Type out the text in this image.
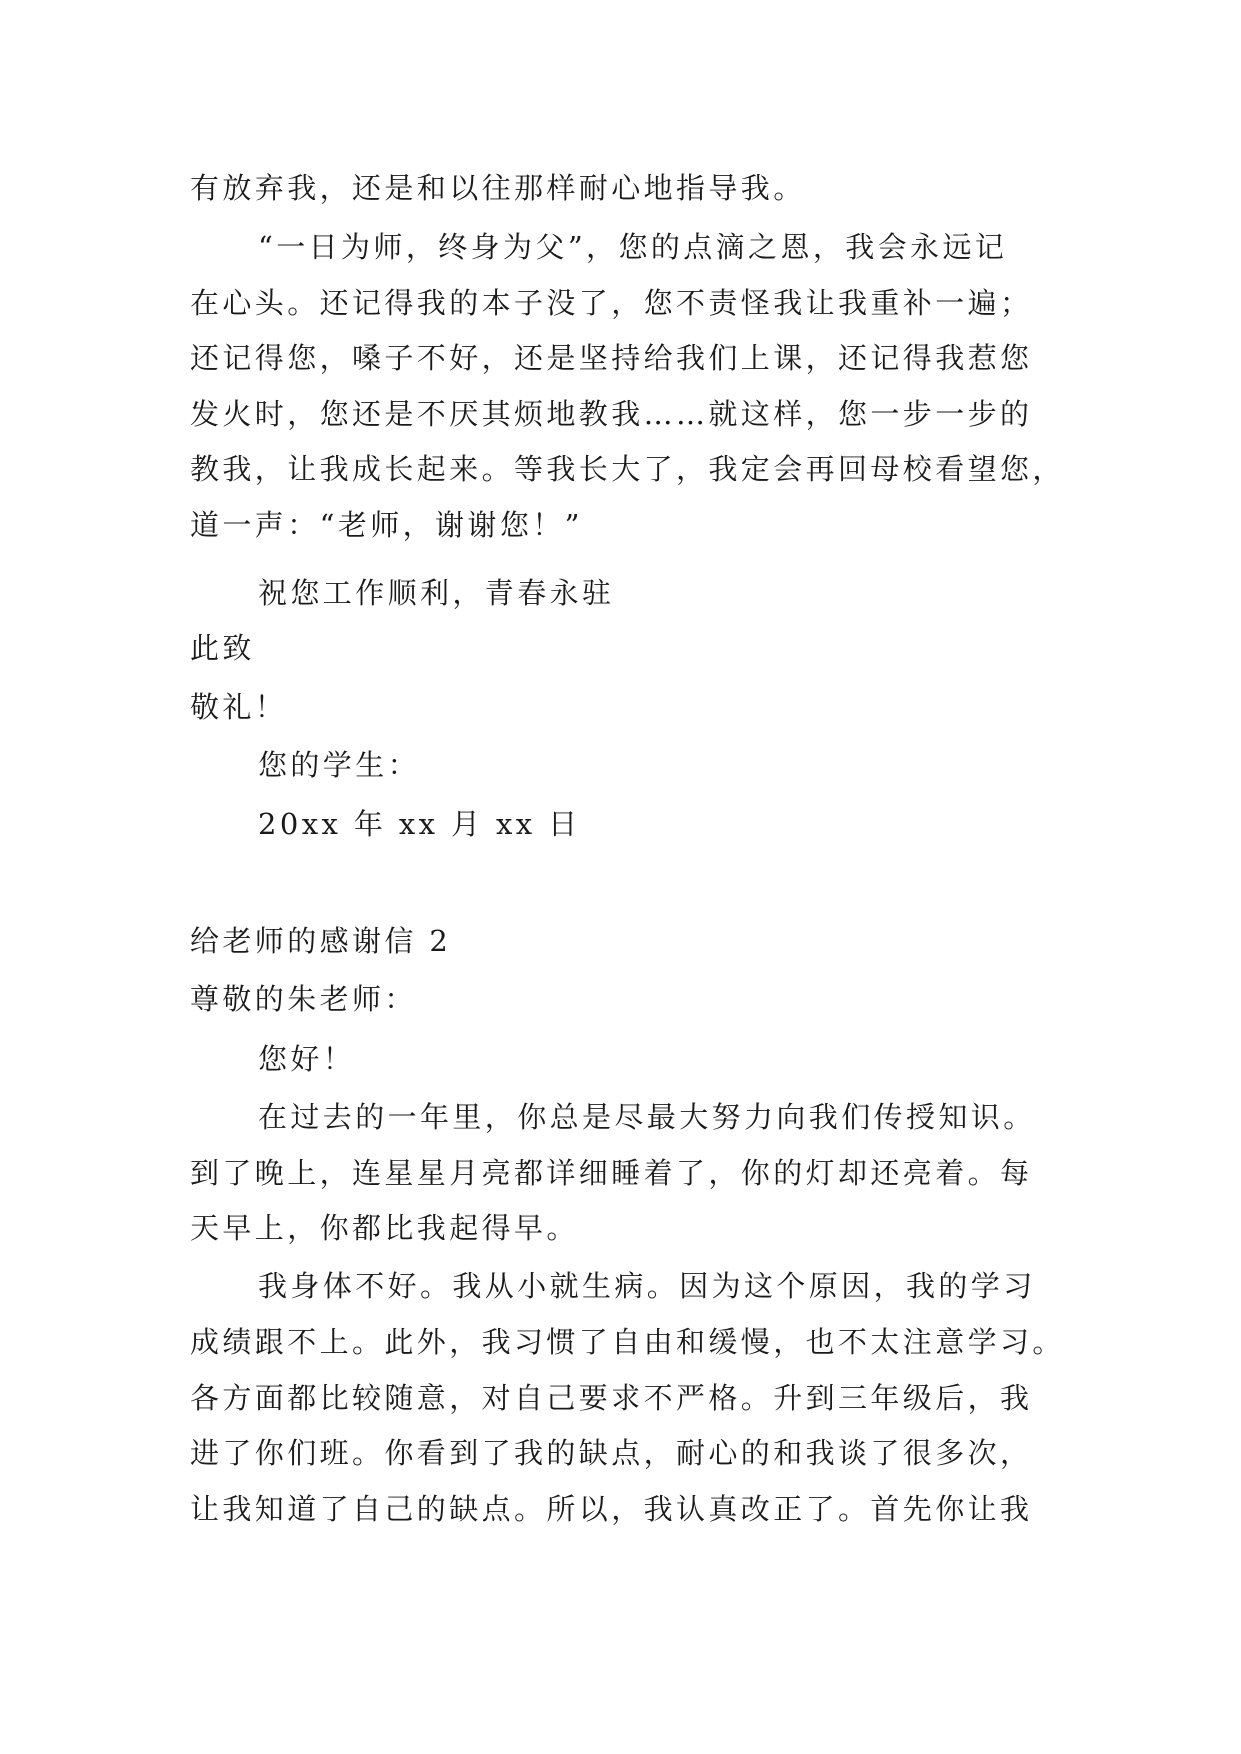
有放弃我，还是和以往那样耐心地指导我。
“一日为师，终身为父”，您的点滴之恩，我会永远记
在心头。还记得我的本子没了，您不责怪我让我重补一遍；
还记得您，嗓子不好，还是坚持给我们上课，还记得我惹您
发火时，您还是不厌其烦地教我……就这样，您一步一步的
教我，让我成长起来。等我长大了，我定会再回母校看望您，
道一声：“老师，谢谢您！”
祝您工作顺利，青春永驻
此致
敬礼！
您的学生：
20xx 年 xx 月 xx 日
给老师的感谢信 2
尊敬的朱老师：
您好！
在过去的一年里，你总是尽最大努力向我们传授知识。
到了晚上，连星星月亮都详细睡着了，你的灯却还亮着。每
天早上，你都比我起得早。
我身体不好。我从小就生病。因为这个原因，我的学习
成绩跟不上。此外，我习惯了自由和缓慢，也不太注意学习。
各方面都比较随意，对自己要求不严格。升到三年级后，我
进了你们班。你看到了我的缺点，耐心的和我谈了很多次，
让我知道了自己的缺点。所以，我认真改正了。首先你让我
